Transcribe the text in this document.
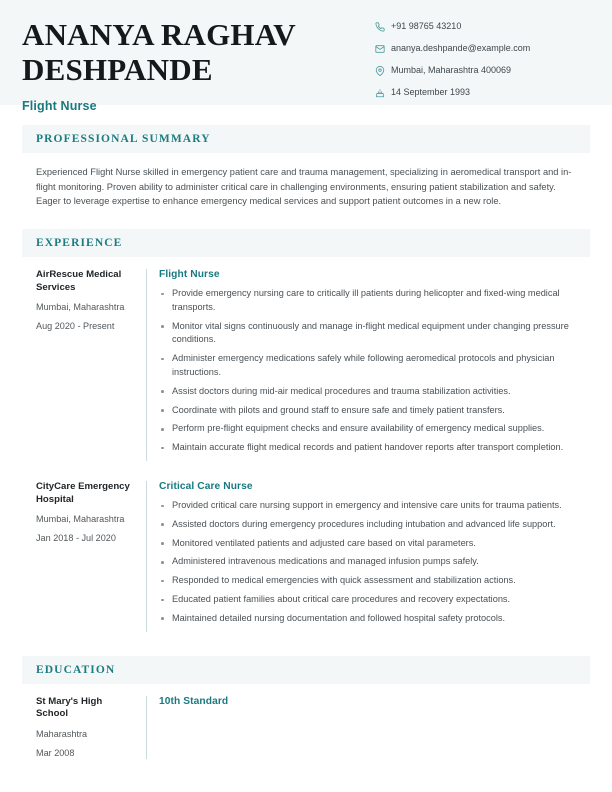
ANANYA RAGHAV DESHPANDE
Flight Nurse
+91 98765 43210
ananya.deshpande@example.com
Mumbai, Maharashtra 400069
14 September 1993
PROFESSIONAL SUMMARY
Experienced Flight Nurse skilled in emergency patient care and trauma management, specializing in aeromedical transport and in-flight monitoring. Proven ability to administer critical care in challenging environments, ensuring patient stabilization and safety. Eager to leverage expertise to enhance emergency medical services and support patient outcomes in a new role.
EXPERIENCE
AirRescue Medical Services
Mumbai, Maharashtra
Aug 2020 - Present
Flight Nurse
Provide emergency nursing care to critically ill patients during helicopter and fixed-wing medical transports.
Monitor vital signs continuously and manage in-flight medical equipment under changing pressure conditions.
Administer emergency medications safely while following aeromedical protocols and physician instructions.
Assist doctors during mid-air medical procedures and trauma stabilization activities.
Coordinate with pilots and ground staff to ensure safe and timely patient transfers.
Perform pre-flight equipment checks and ensure availability of emergency medical supplies.
Maintain accurate flight medical records and patient handover reports after transport completion.
CityCare Emergency Hospital
Mumbai, Maharashtra
Jan 2018 - Jul 2020
Critical Care Nurse
Provided critical care nursing support in emergency and intensive care units for trauma patients.
Assisted doctors during emergency procedures including intubation and advanced life support.
Monitored ventilated patients and adjusted care based on vital parameters.
Administered intravenous medications and managed infusion pumps safely.
Responded to medical emergencies with quick assessment and stabilization actions.
Educated patient families about critical care procedures and recovery expectations.
Maintained detailed nursing documentation and followed hospital safety protocols.
EDUCATION
St Mary's High School
Maharashtra
Mar 2008
10th Standard
